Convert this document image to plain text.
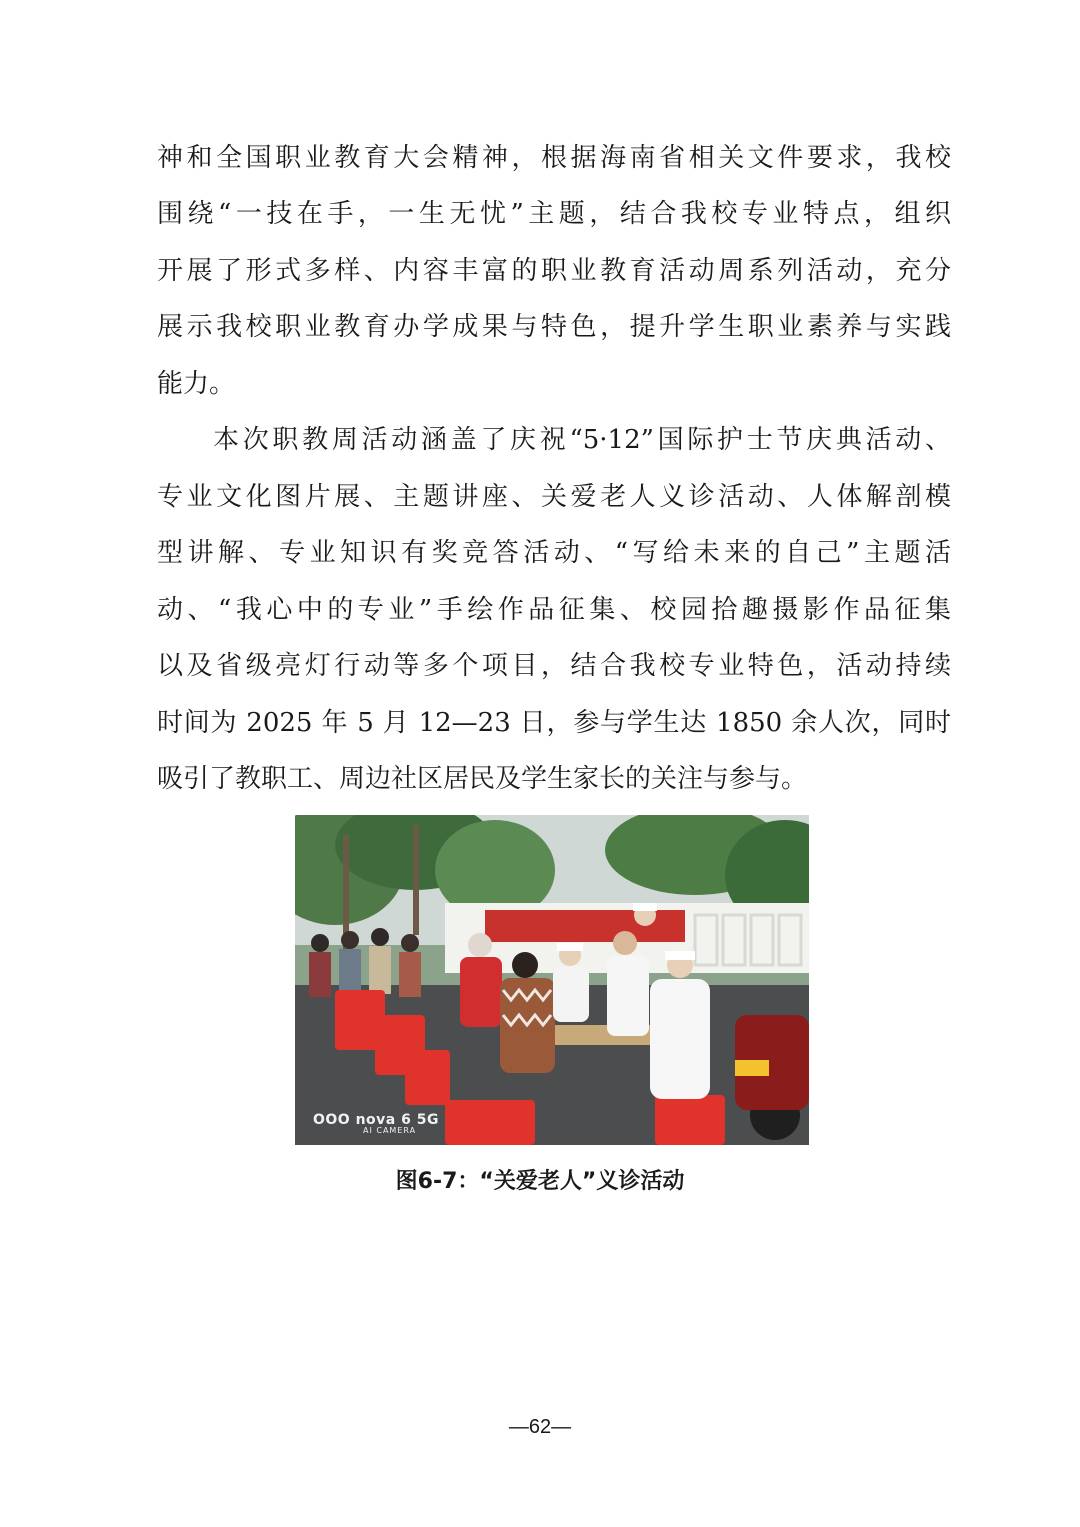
神和全国职业教育大会精神，根据海南省相关文件要求，我校
围绕“一技在手，一生无忧”主题，结合我校专业特点，组织
开展了形式多样、内容丰富的职业教育活动周系列活动，充分
展示我校职业教育办学成果与特色，提升学生职业素养与实践
能力。
本次职教周活动涵盖了庆祝“5·12”国际护士节庆典活动、
专业文化图片展、主题讲座、关爱老人义诊活动、人体解剖模
型讲解、专业知识有奖竞答活动、“写给未来的自己”主题活
动、“我心中的专业”手绘作品征集、校园拾趣摄影作品征集
以及省级亮灯行动等多个项目，结合我校专业特色，活动持续
时间为 2025 年 5 月 12—23 日，参与学生达 1850 余人次，同时
吸引了教职工、周边社区居民及学生家长的关注与参与。
OOO nova 6 5G
AI CAMERA
图6-7：“关爱老人”义诊活动
—62—
